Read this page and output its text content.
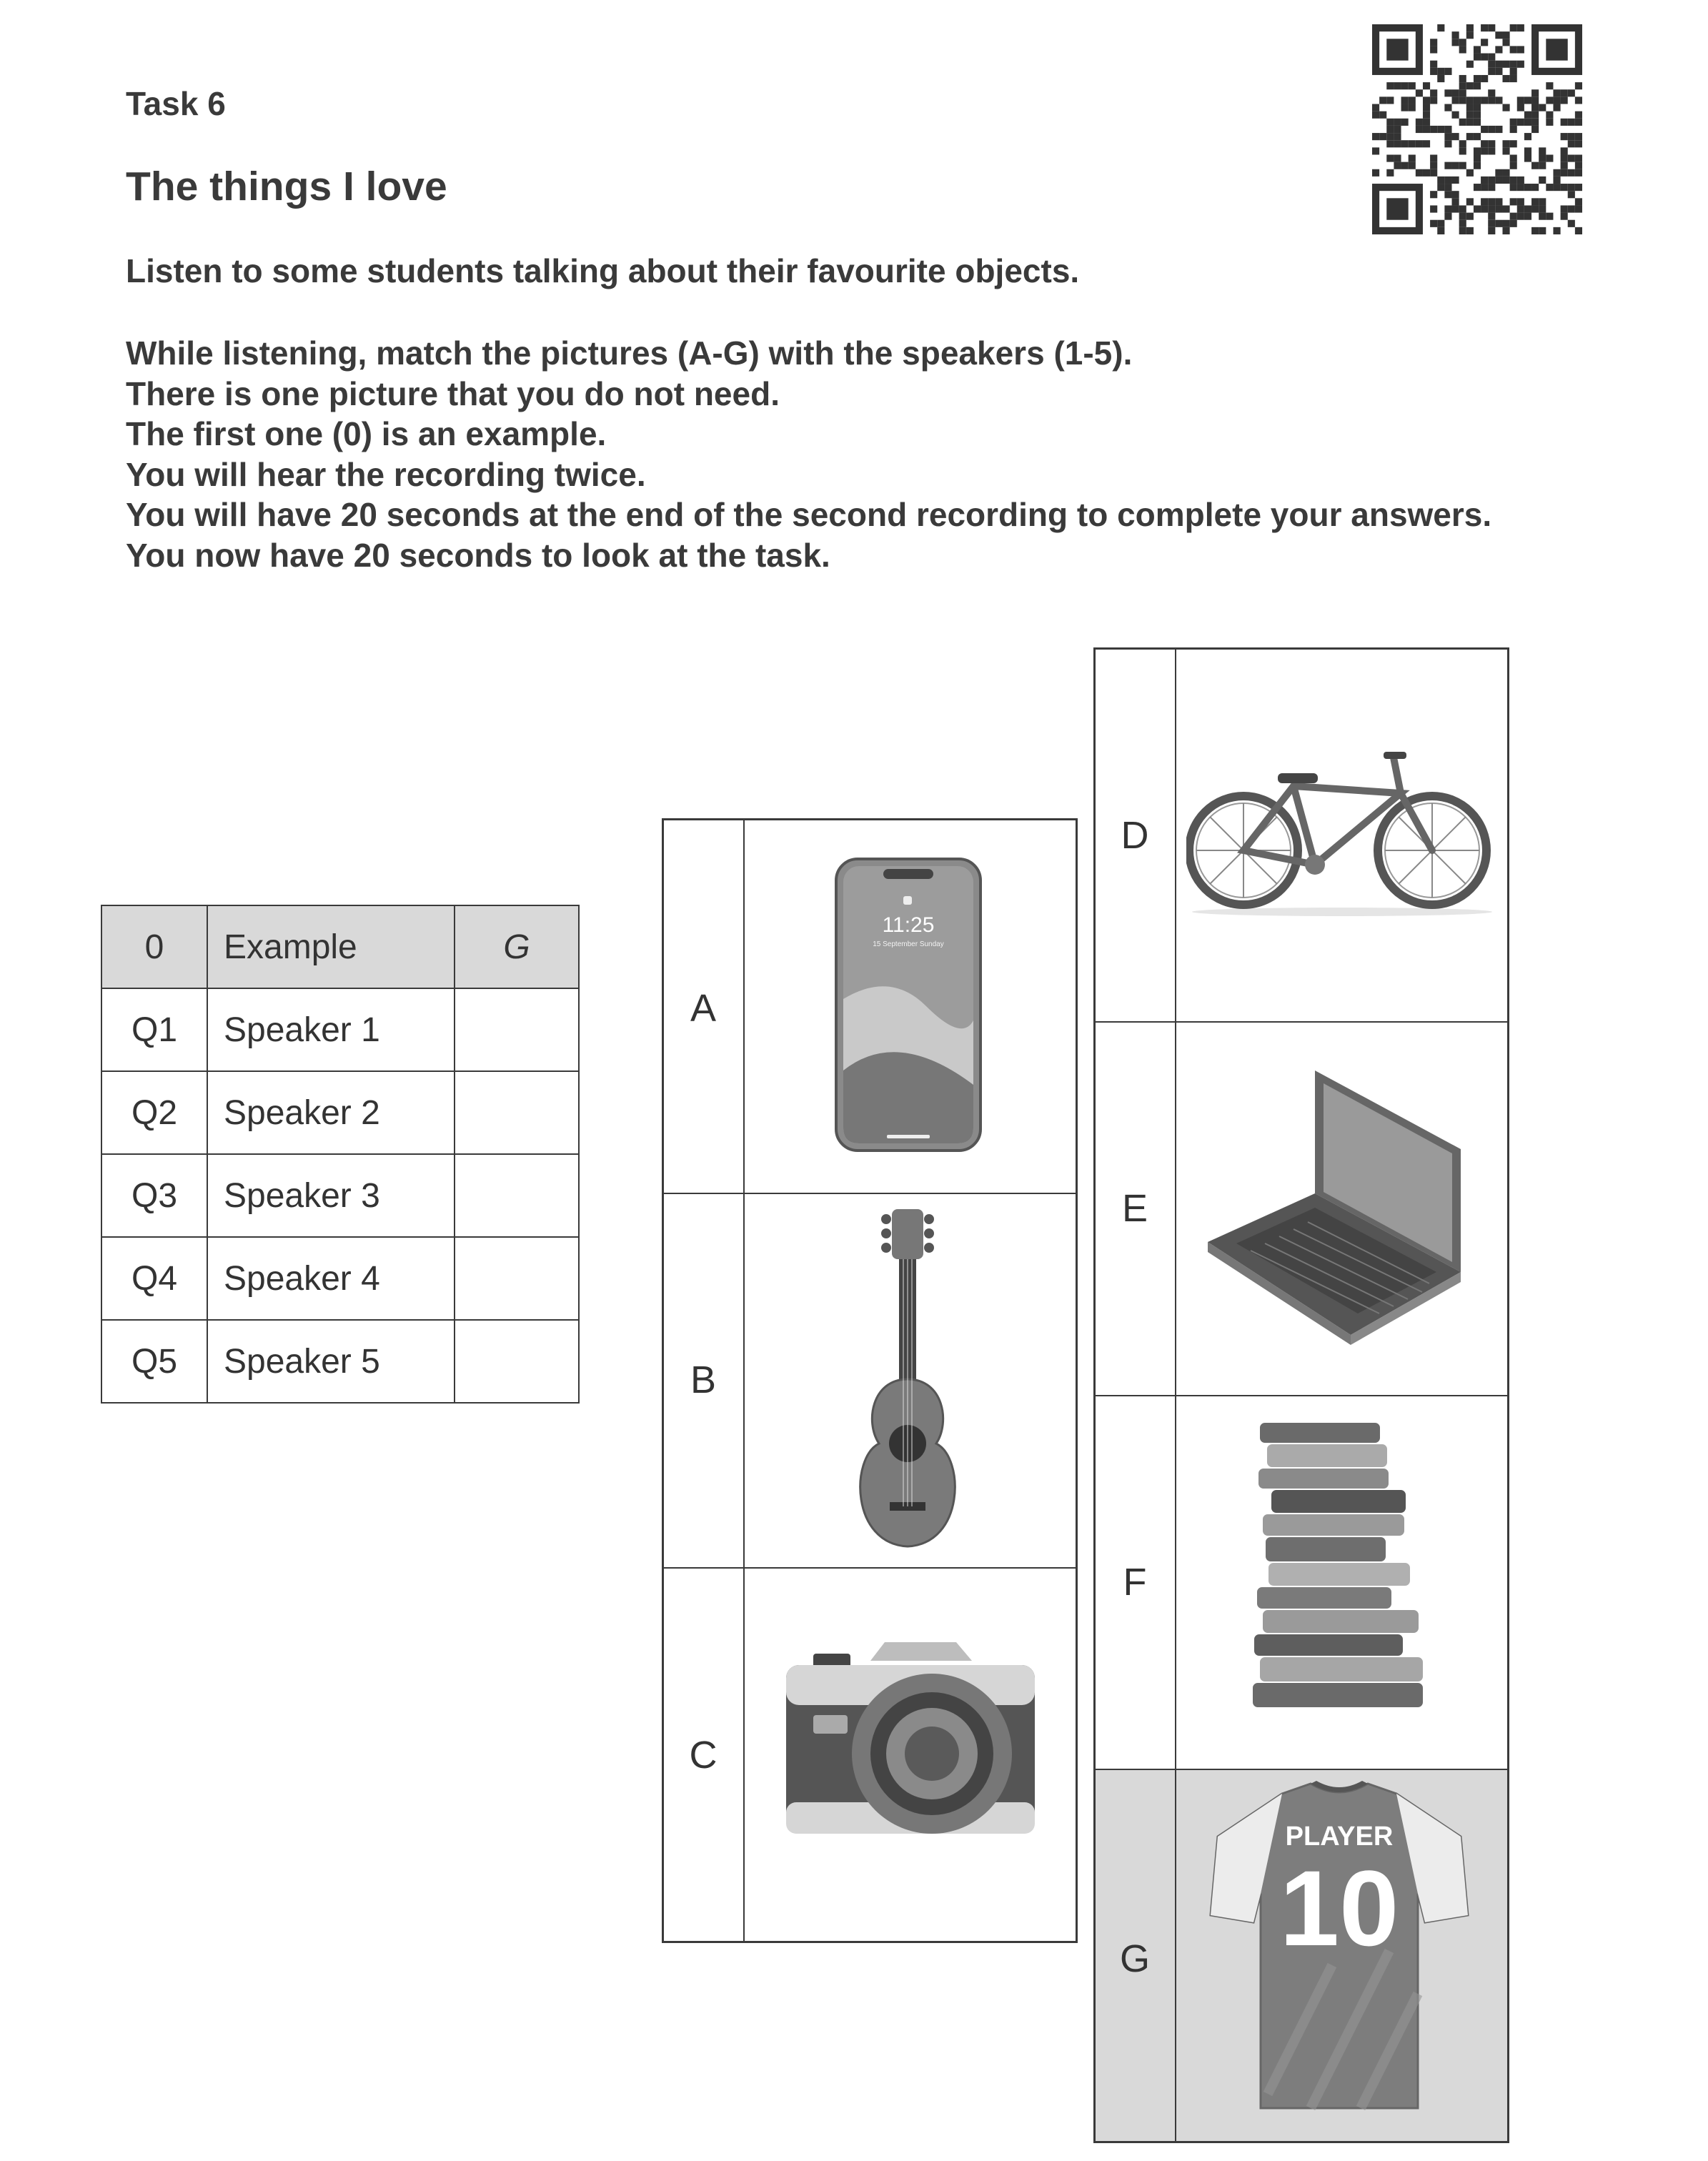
Task 6
The things I love
Listen to some students talking about their favourite objects.
While listening, match the pictures (A-G) with the speakers (1-5).
There is one picture that you do not need.
The first one (0) is an example.
You will hear the recording twice.
You will have 20 seconds at the end of the second recording to complete your answers.
You now have 20 seconds to look at the task.
0	Example	G
Q1	Speaker 1	
Q2	Speaker 2	
Q3	Speaker 3	
Q4	Speaker 4	
Q5	Speaker 5	
A
B
C
D
E
F
G
11:25
15 September Sunday
PLAYER
10
